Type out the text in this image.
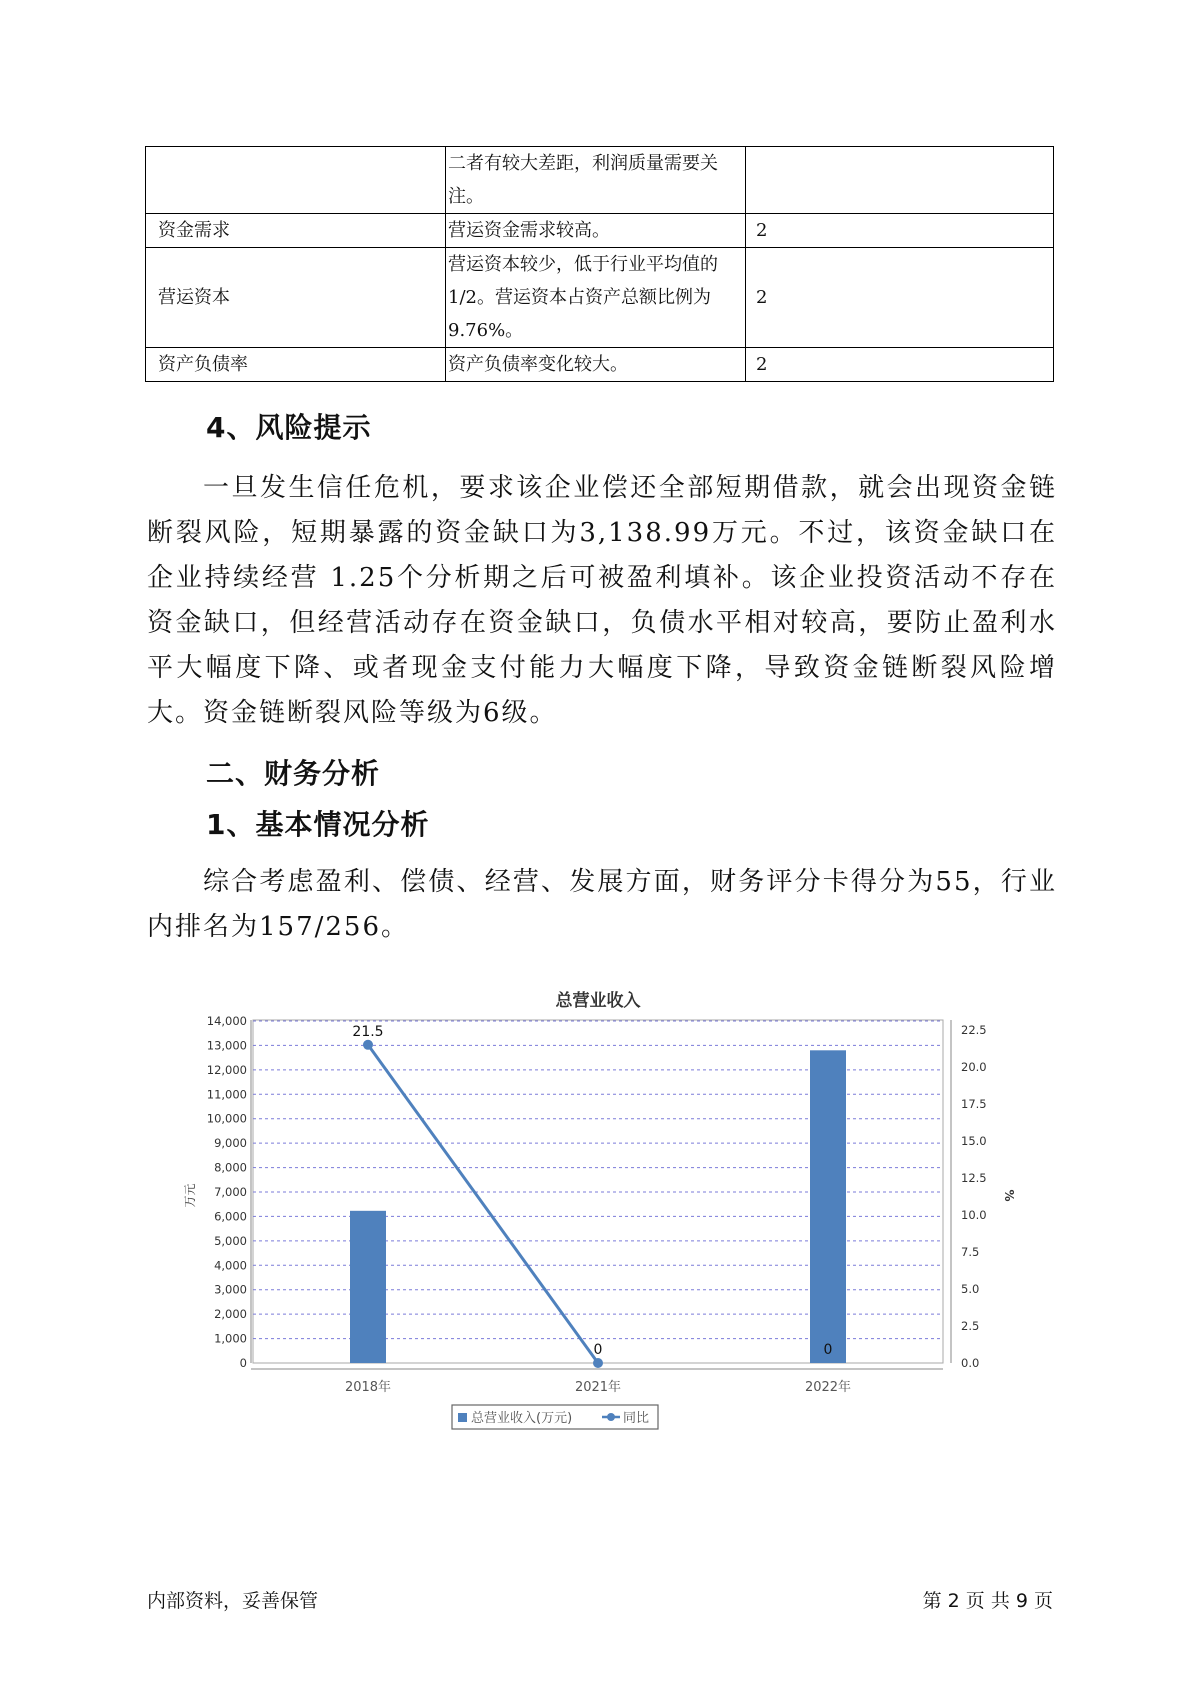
	二者有较大差距，利润质量需要关注。	
资金需求	营运资金需求较高。	2
营运资本	营运资本较少，低于行业平均值的1/2。营运资本占资产总额比例为9.76%。	2
资产负债率	资产负债率变化较大。	2
4、风险提示

一旦发生信任危机，要求该企业偿还全部短期借款，就会出现资金链断裂风险，短期暴露的资金缺口为3,138.99万元。不过，该资金缺口在企业持续经营 1.25个分析期之后可被盈利填补。该企业投资活动不存在资金缺口，但经营活动存在资金缺口，负债水平相对较高，要防止盈利水平大幅度下降、或者现金支付能力大幅度下降，导致资金链断裂风险增大。资金链断裂风险等级为6级。

二、财务分析
1、基本情况分析

综合考虑盈利、偿债、经营、发展方面，财务评分卡得分为55，行业内排名为157/256。

总营业收入
0
1,000
2,000
3,000
4,000
5,000
6,000
7,000
8,000
9,000
10,000
11,000
12,000
13,000
14,000
万元
0.0
2.5
5.0
7.5
10.0
12.5
15.0
17.5
20.0
22.5
%
2018年	2021年	2022年
21.5
0	0
总营业收入(万元)	同比
内部资料，妥善保管	第 2 页 共 9 页
